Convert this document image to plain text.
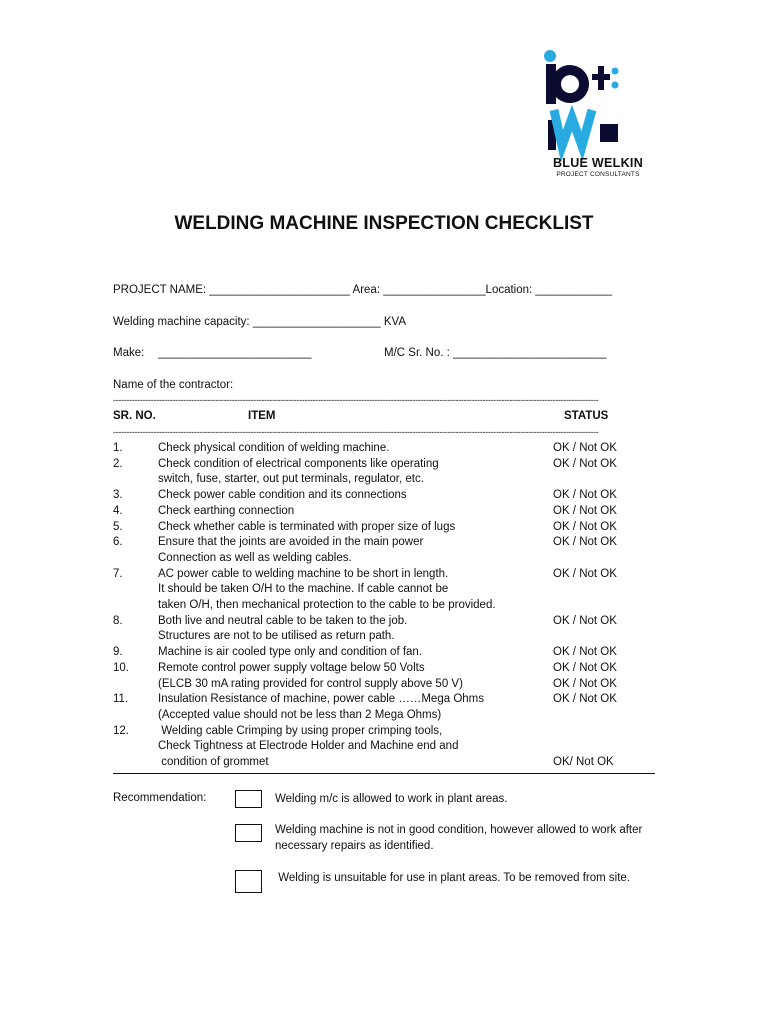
BLUE WELKIN
PROJECT CONSULTANTS
WELDING MACHINE INSPECTION CHECKLIST
PROJECT NAME: ______________________ Area: ________________Location: ____________
Welding machine capacity: ____________________ KVA
Make: ________________________	M/C Sr. No. : ________________________
Name of the contractor:
------------------------------------------------------------------------------------------------------------------------------------------------------------------------------------
SR. NO.	ITEM	STATUS
------------------------------------------------------------------------------------------------------------------------------------------------------------------------------------
1.	Check physical condition of welding machine.	OK / Not OK
2.	Check condition of electrical components like operating
switch, fuse, starter, out put terminals, regulator, etc.
OK / Not OK
3.	Check power cable condition and its connections	OK / Not OK
4.	Check earthing connection	OK / Not OK
5.	Check whether cable is terminated with proper size of lugs	OK / Not OK
6.	Ensure that the joints are avoided in the main power
Connection as well as welding cables.
OK / Not OK
7.	AC power cable to welding machine to be short in length.
It should be taken O/H to the machine. If cable cannot be
taken O/H, then mechanical protection to the cable to be provided.
OK / Not OK
8.	Both live and neutral cable to be taken to the job.
Structures are not to be utilised as return path.
OK / Not OK
9.	Machine is air cooled type only and condition of fan.	OK / Not OK
10.	Remote control power supply voltage below 50 Volts
(ELCB 30 mA rating provided for control supply above 50 V)
OK / Not OK
OK / Not OK
11.	Insulation Resistance of machine, power cable ……Mega Ohms
(Accepted value should not be less than 2 Mega Ohms)
OK / Not OK
12.	Welding cable Crimping by using proper crimping tools,
Check Tightness at Electrode Holder and Machine end and
condition of grommet	OK/ Not OK
Recommendation:	Welding m/c is allowed to work in plant areas.
Welding machine is not in good condition, however allowed to work after necessary repairs as identified.
Welding is unsuitable for use in plant areas. To be removed from site.
